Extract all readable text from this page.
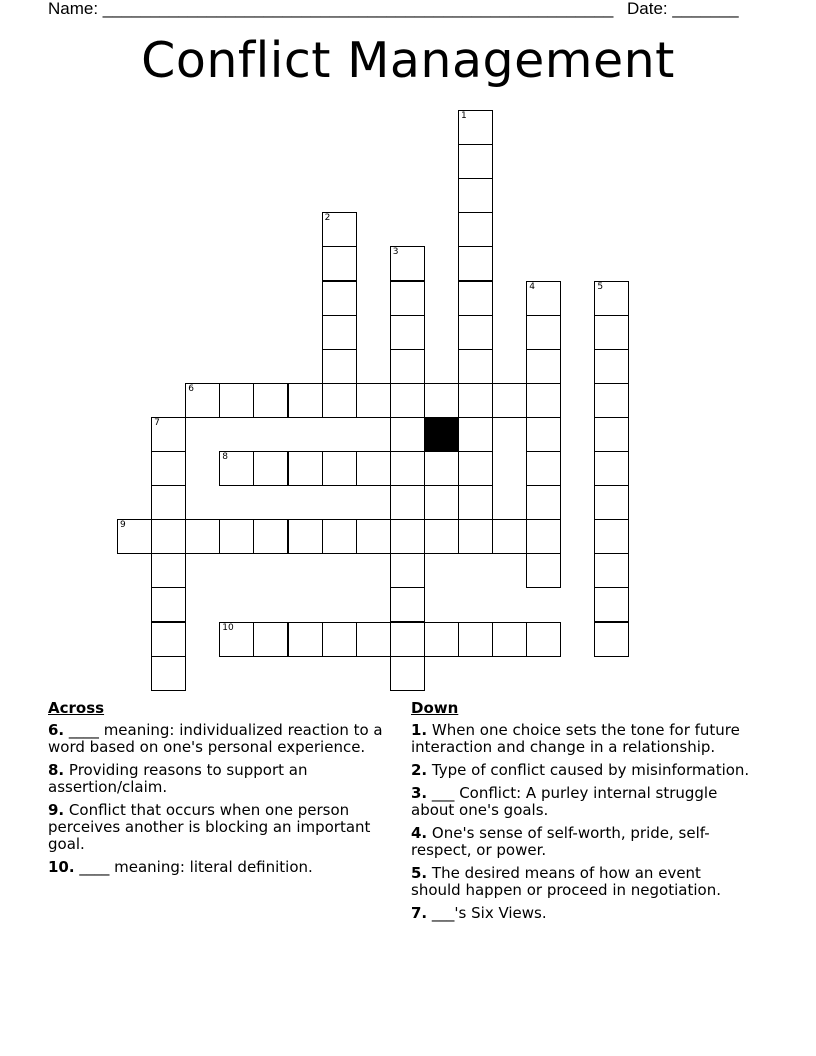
Name: ______________________________________________________ Date: _______
Conflict Management
1
2
3
4	5
6
7
8
9
10
Across
6. ____ meaning: individualized reaction to a word based on one's personal experience.
8. Providing reasons to support an assertion/claim.
9. Conflict that occurs when one person perceives another is blocking an important goal.
10. ____ meaning: literal definition.
Down
1. When one choice sets the tone for future interaction and change in a relationship.
2. Type of conflict caused by misinformation.
3. ___ Conflict: A purley internal struggle about one's goals.
4. One's sense of self-worth, pride, self-respect, or power.
5. The desired means of how an event should happen or proceed in negotiation.
7. ___'s Six Views.
